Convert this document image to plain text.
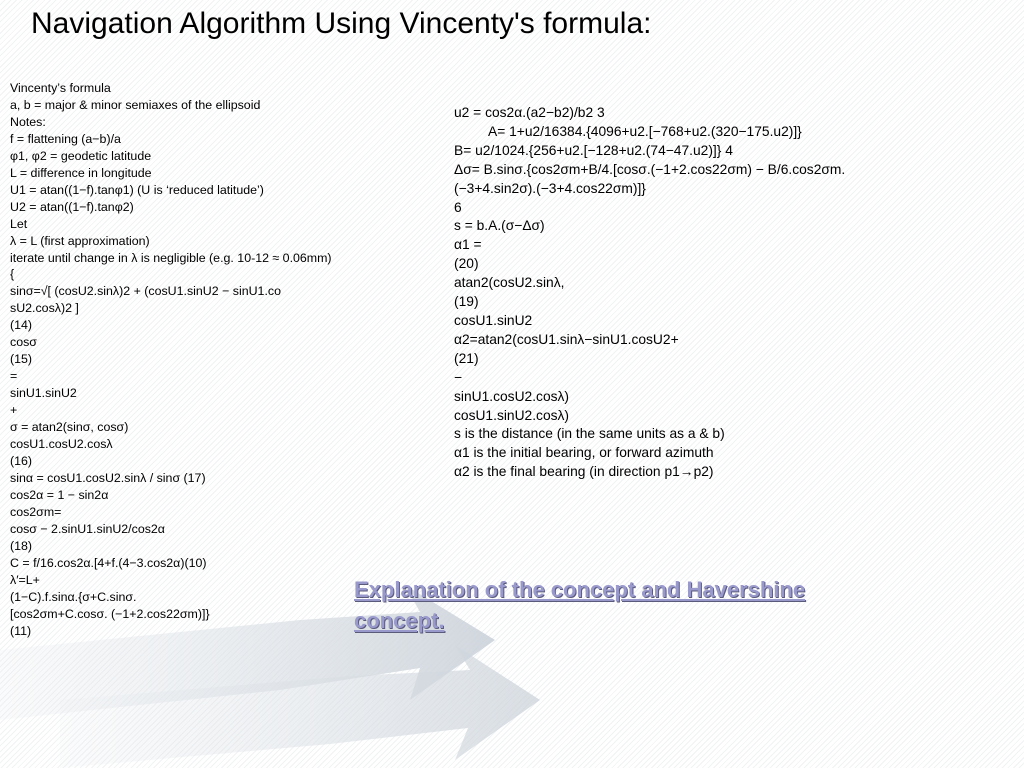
Navigation Algorithm Using Vincenty's formula:
Vincenty’s formula
a, b = major & minor semiaxes of the ellipsoid
Notes:
f = flattening (a−b)/a
φ1, φ2 = geodetic latitude
L = difference in longitude
U1 = atan((1−f).tanφ1) (U is ‘reduced latitude’)
U2 = atan((1−f).tanφ2)
Let
λ = L (first approximation)
iterate until change in λ is negligible (e.g. 10-12 ≈ 0.06mm)
{
sinσ=√[ (cosU2.sinλ)2 + (cosU1.sinU2 − sinU1.co
sU2.cosλ)2 ]
(14)
cosσ
(15)
=
sinU1.sinU2
+
σ = atan2(sinσ, cosσ)
cosU1.cosU2.cosλ
(16)
sinα = cosU1.cosU2.sinλ / sinσ (17)
cos2α = 1 − sin2α
cos2σm=
cosσ − 2.sinU1.sinU2/cos2α
(18)
C = f/16.cos2α.[4+f.(4−3.cos2α)(10)
λ′=L+
(1−C).f.sinα.{σ+C.sinσ.
[cos2σm+C.cosσ. (−1+2.cos22σm)]}
(11)
u2 = cos2α.(a2−b2)/b2 3
A= 1+u2/16384.{4096+u2.[−768+u2.(320−175.u2)]}
B= u2/1024.{256+u2.[−128+u2.(74−47.u2)]} 4
Δσ= B.sinσ.{cos2σm+B/4.[cosσ.(−1+2.cos22σm) − B/6.cos2σm.
(−3+4.sin2σ).(−3+4.cos22σm)]}
6
s = b.A.(σ−Δσ)
α1 =
(20)
atan2(cosU2.sinλ,
(19)
cosU1.sinU2
α2=atan2(cosU1.sinλ−sinU1.cosU2+
(21)
−
sinU1.cosU2.cosλ)
cosU1.sinU2.cosλ)
s is the distance (in the same units as a & b)
α1 is the initial bearing, or forward azimuth
α2 is the final bearing (in direction p1→p2)
Explanation of the concept and Havershine concept.
